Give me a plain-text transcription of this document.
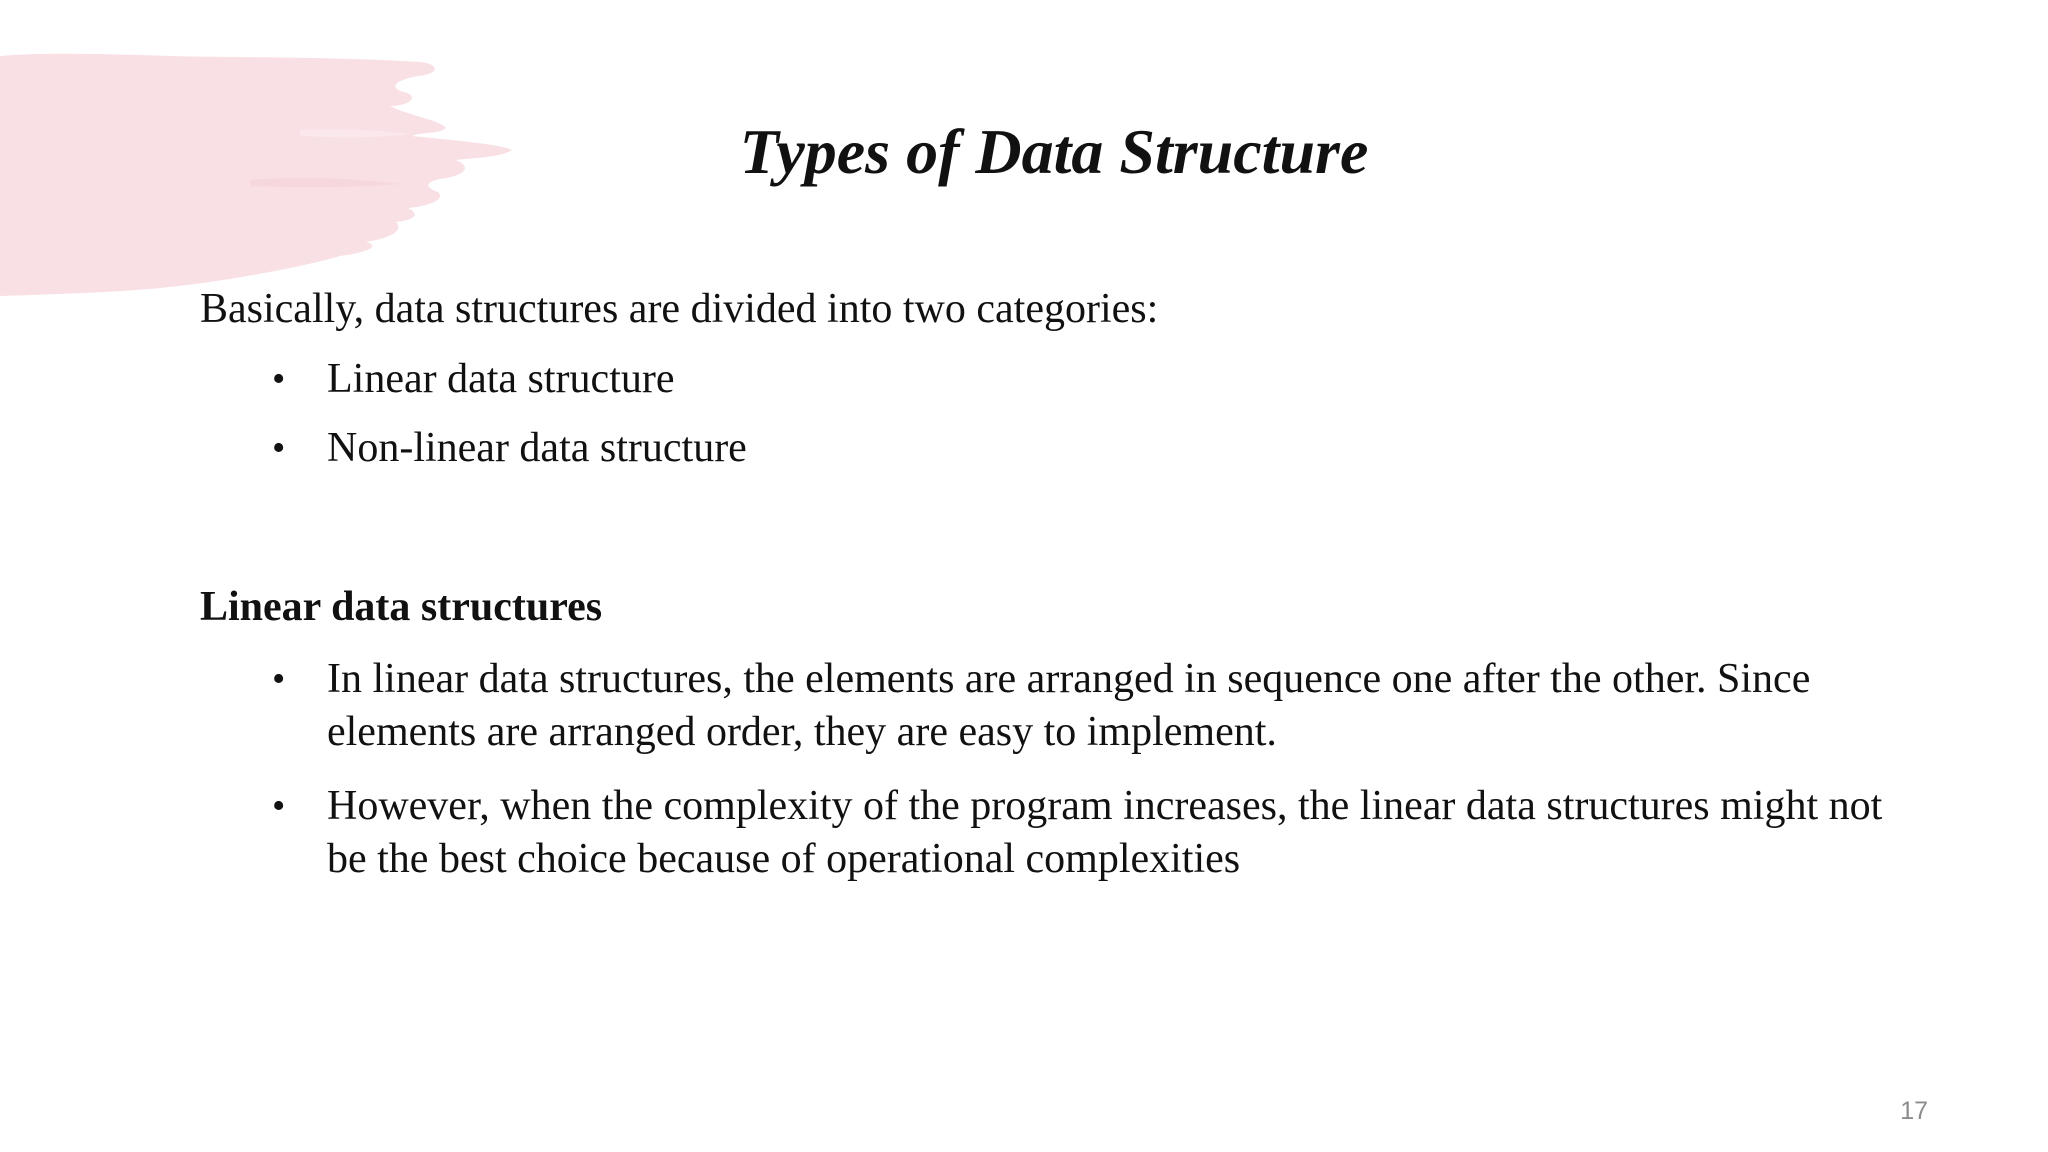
Types of Data Structure
Basically, data structures are divided into two categories:
• Linear data structure
• Non-linear data structure
Linear data structures
• In linear data structures, the elements are arranged in sequence one after the other. Since elements are arranged order, they are easy to implement.
• However, when the complexity of the program increases, the linear data structures might not be the best choice because of operational complexities
17
